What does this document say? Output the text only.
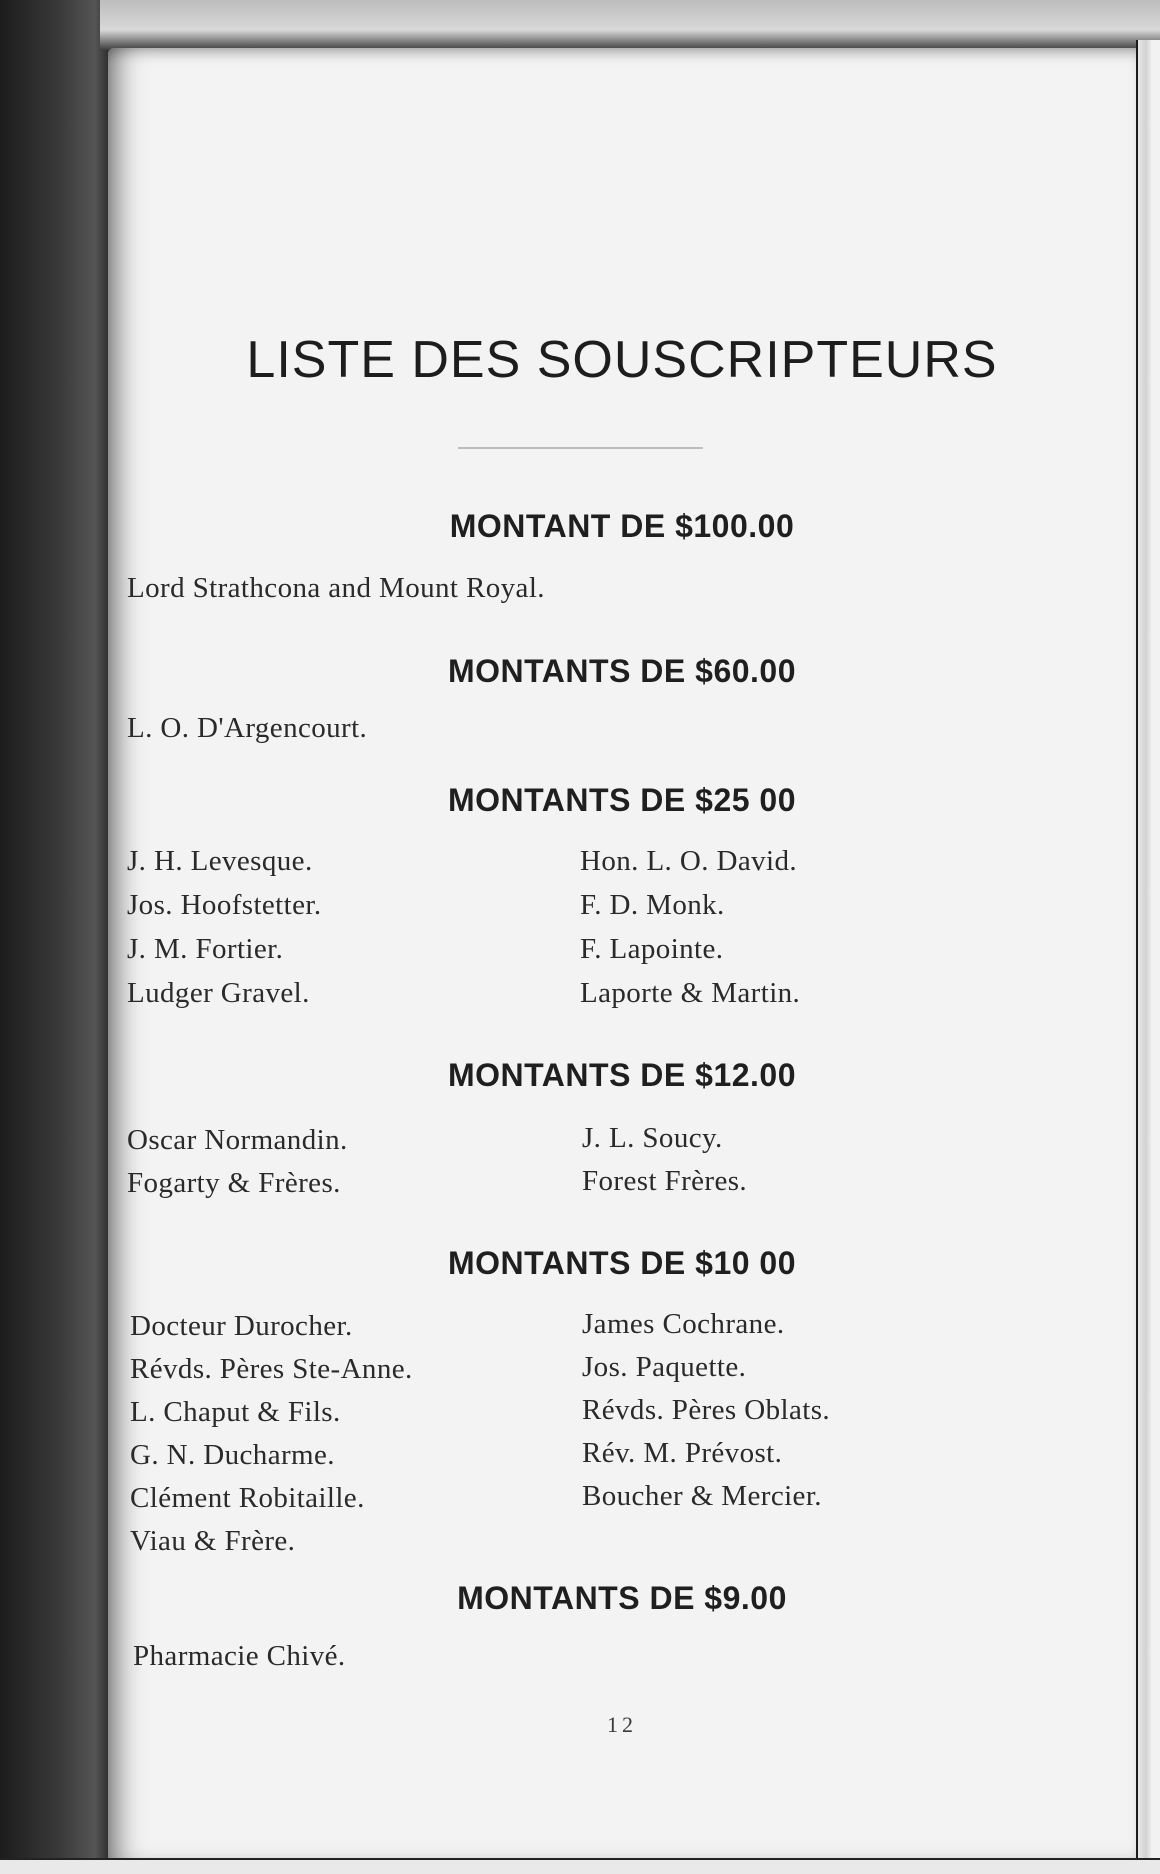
LISTE DES SOUSCRIPTEURS
MONTANT DE $100.00
Lord Strathcona and Mount Royal.
MONTANTS DE $60.00
L. O. D'Argencourt.
MONTANTS DE $25 00
J. H. Levesque.
Jos. Hoofstetter.
J. M. Fortier.
Ludger Gravel.
Hon. L. O. David.
F. D. Monk.
F. Lapointe.
Laporte & Martin.
MONTANTS DE $12.00
Oscar Normandin.
Fogarty & Frères.
J. L. Soucy.
Forest Frères.
MONTANTS DE $10 00
Docteur Durocher.
Révds. Pères Ste-Anne.
L. Chaput & Fils.
G. N. Ducharme.
Clément Robitaille.
Viau & Frère.
James Cochrane.
Jos. Paquette.
Révds. Pères Oblats.
Rév. M. Prévost.
Boucher & Mercier.
MONTANTS DE $9.00
Pharmacie Chivé.
12
